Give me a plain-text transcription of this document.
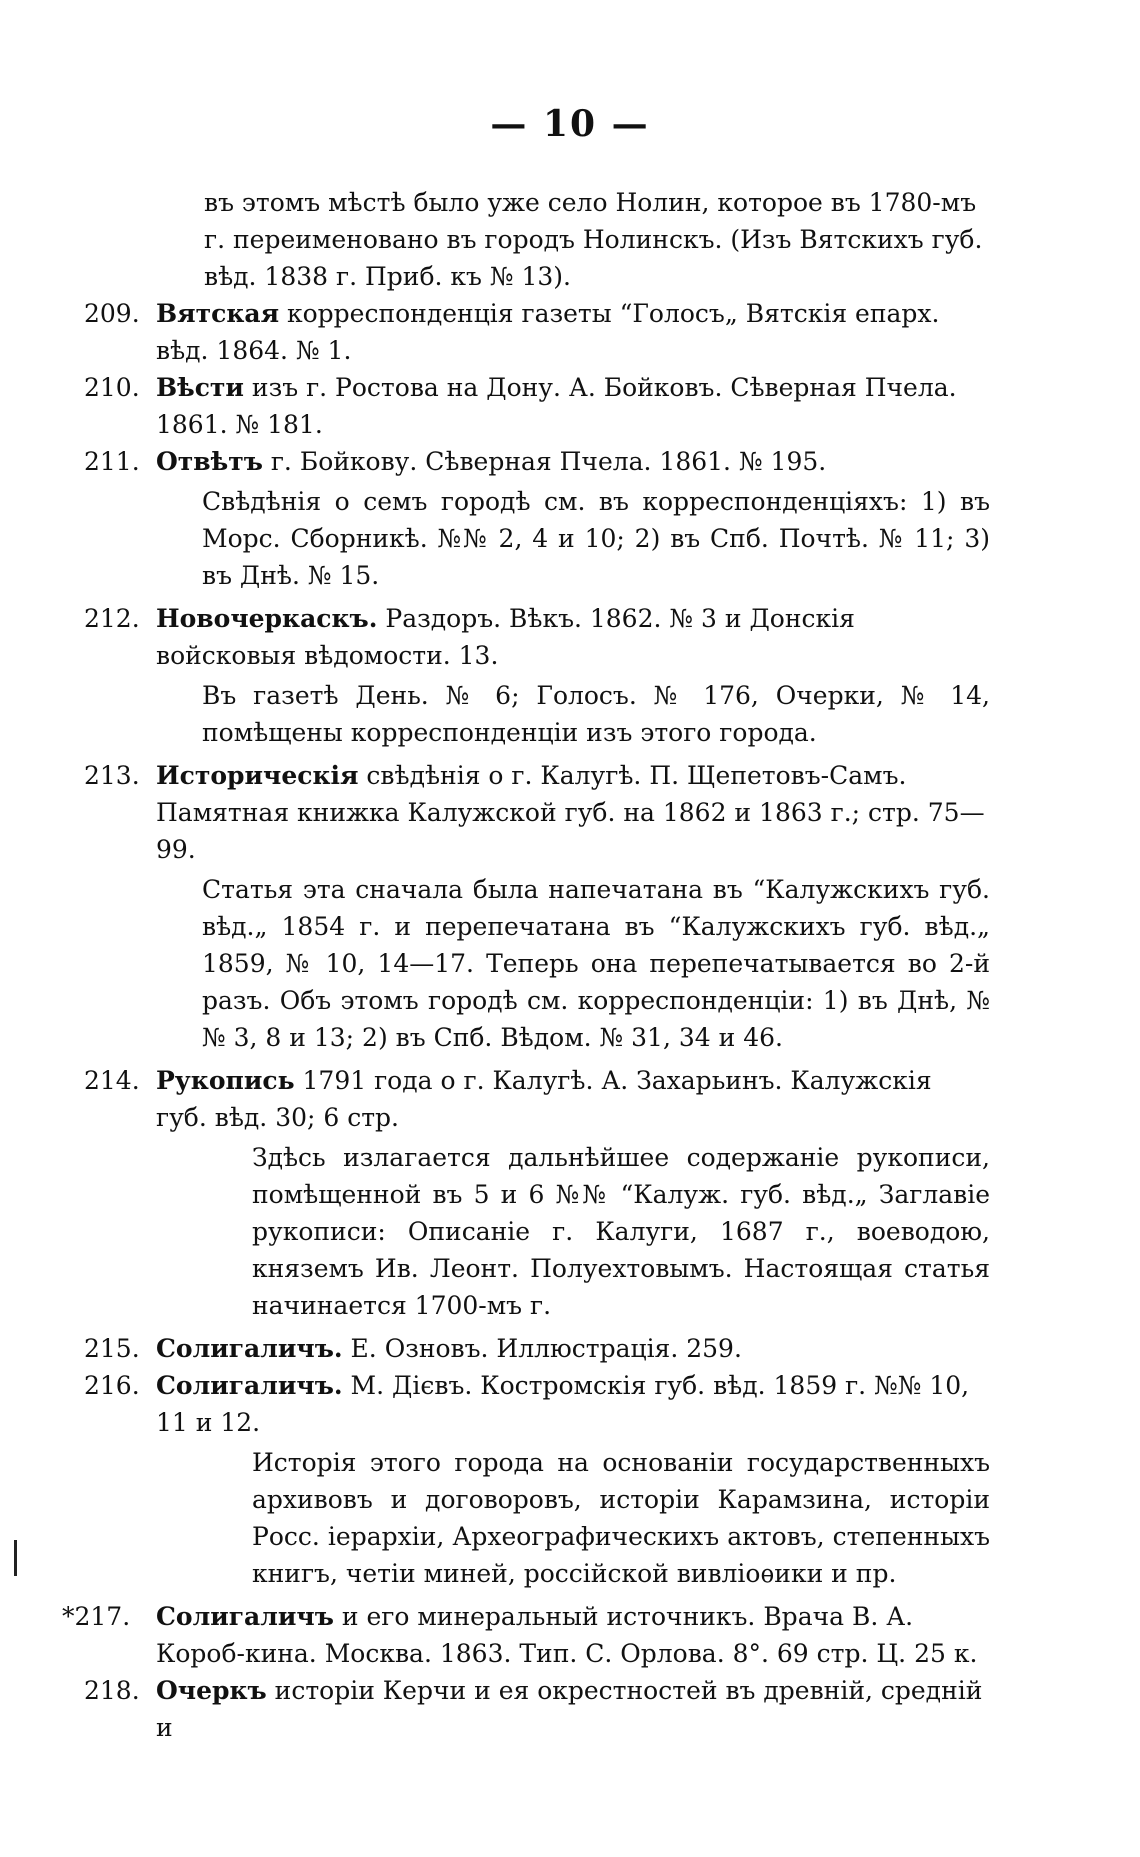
— 10 —
въ этомъ мѣстѣ было уже село Нолин, которое въ 1780-мъ г. переименовано въ городъ Нолинскъ. (Изъ Вятскихъ губ. вѣд. 1838 г. Приб. къ № 13).
209. Вятская корреспонденція газеты “Голосъ„ Вятскія епарх. вѣд. 1864. № 1.
210. Вѣсти изъ г. Ростова на Дону. А. Бойковъ. Сѣверная Пчела. 1861. № 181.
211. Отвѣтъ г. Бойкову. Сѣверная Пчела. 1861. № 195.
Свѣдѣнія о семъ городѣ см. въ корреспонденціяхъ: 1) въ Морс. Сборникѣ. №№ 2, 4 и 10; 2) въ Спб. Почтѣ. № 11; 3) въ Днѣ. № 15.
212. Новочеркаскъ. Раздоръ. Вѣкъ. 1862. № 3 и Донскія войсковыя вѣдомости. 13.
Въ газетѣ День. № 6; Голосъ. № 176, Очерки, № 14, помѣщены корреспонденціи изъ этого города.
213. Историческія свѣдѣнія о г. Калугѣ. П. Щепетовъ-Самъ. Памятная книжка Калужской губ. на 1862 и 1863 г.; стр. 75—99.
Статья эта сначала была напечатана въ “Калужскихъ губ. вѣд.„ 1854 г. и перепечатана въ “Калужскихъ губ. вѣд.„ 1859, № 10, 14—17. Теперь она перепечатывается во 2-й разъ. Объ этомъ городѣ см. корреспонденціи: 1) въ Днѣ, №№ 3, 8 и 13; 2) въ Спб. Вѣдом. № 31, 34 и 46.
214. Рукопись 1791 года о г. Калугѣ. А. Захарьинъ. Калужскія губ. вѣд. 30; 6 стр.
Здѣсь излагается дальнѣйшее содержаніе рукописи, помѣщенной въ 5 и 6 №№ “Калуж. губ. вѣд.„ Заглавіе рукописи: Описаніе г. Калуги, 1687 г., воеводою, княземъ Ив. Леонт. Полуехтовымъ. Настоящая статья начинается 1700-мъ г.
215. Солигаличъ. Е. Озновъ. Иллюстрація. 259.
216. Солигаличъ. М. Дієвъ. Костромскія губ. вѣд. 1859 г. №№ 10, 11 и 12.
Исторія этого города на основаніи государственныхъ архивовъ и договоровъ, исторіи Карамзина, исторіи Росс. іерархіи, Археографическихъ актовъ, степенныхъ книгъ, четіи миней, россійской вивліоѳики и пр.
*217.	Солигаличъ и его минеральный источникъ. Врача В. А. Короб-кина. Москва. 1863. Тип. С. Орлова. 8°. 69 стр. Ц. 25 к.
218. Очеркъ исторіи Керчи и ея окрестностей въ древній, средній и
